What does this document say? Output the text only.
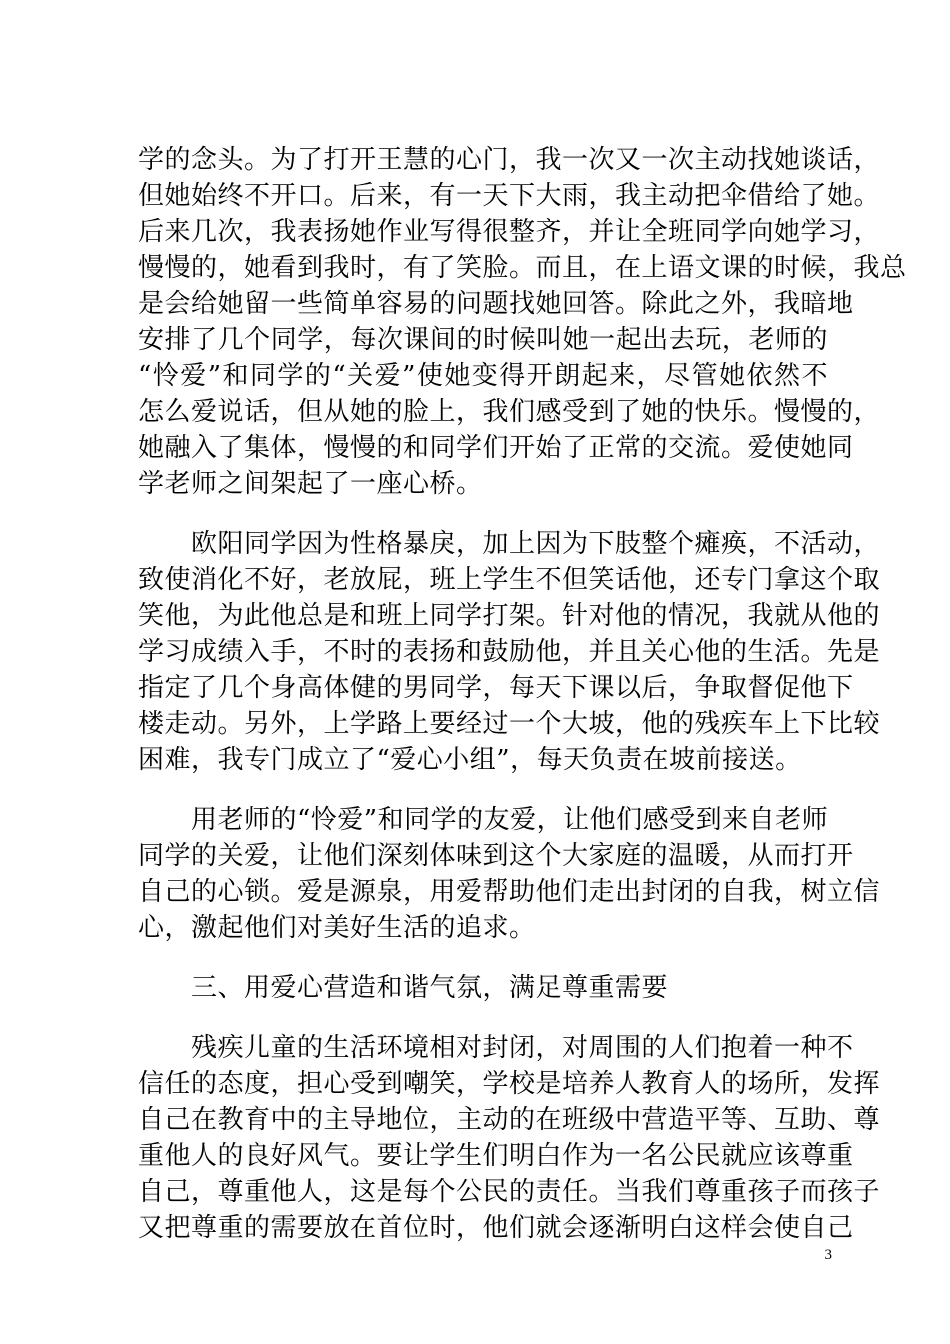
学的念头。为了打开王慧的心门，我一次又一次主动找她谈话，
但她始终不开口。后来，有一天下大雨，我主动把伞借给了她。
后来几次，我表扬她作业写得很整齐，并让全班同学向她学习，
慢慢的，她看到我时，有了笑脸。而且，在上语文课的时候，我总
是会给她留一些简单容易的问题找她回答。除此之外，我暗地
安排了几个同学，每次课间的时候叫她一起出去玩，老师的
“怜爱”和同学的“关爱”使她变得开朗起来，尽管她依然不
怎么爱说话，但从她的脸上，我们感受到了她的快乐。慢慢的，
她融入了集体，慢慢的和同学们开始了正常的交流。爱使她同
学老师之间架起了一座心桥。
　　欧阳同学因为性格暴戾，加上因为下肢整个瘫痪，不活动，
致使消化不好，老放屁，班上学生不但笑话他，还专门拿这个取
笑他，为此他总是和班上同学打架。针对他的情况，我就从他的
学习成绩入手，不时的表扬和鼓励他，并且关心他的生活。先是
指定了几个身高体健的男同学，每天下课以后，争取督促他下
楼走动。另外，上学路上要经过一个大坡，他的残疾车上下比较
困难，我专门成立了“爱心小组”，每天负责在坡前接送。
　　用老师的“怜爱”和同学的友爱，让他们感受到来自老师
同学的关爱，让他们深刻体味到这个大家庭的温暖，从而打开
自己的心锁。爱是源泉，用爱帮助他们走出封闭的自我，树立信
心，激起他们对美好生活的追求。
　　三、用爱心营造和谐气氛，满足尊重需要
　　残疾儿童的生活环境相对封闭，对周围的人们抱着一种不
信任的态度，担心受到嘲笑，学校是培养人教育人的场所，发挥
自己在教育中的主导地位，主动的在班级中营造平等、互助、尊
重他人的良好风气。要让学生们明白作为一名公民就应该尊重
自己，尊重他人，这是每个公民的责任。当我们尊重孩子而孩子
又把尊重的需要放在首位时，他们就会逐渐明白这样会使自己
3
